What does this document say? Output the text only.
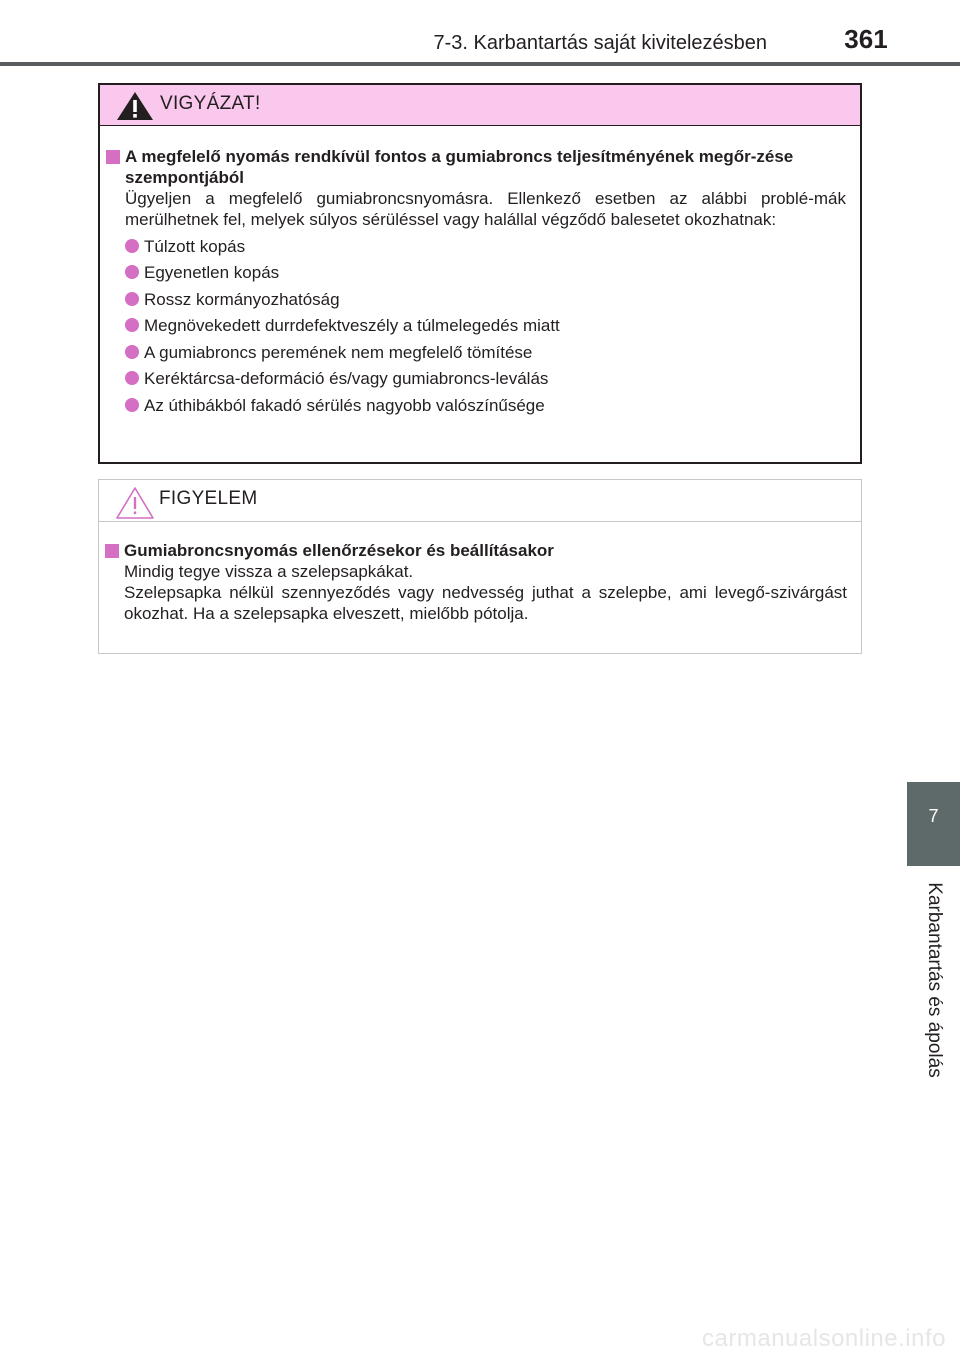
7-3. Karbantartás saját kivitelezésben	361
VIGYÁZAT!
A megfelelő nyomás rendkívül fontos a gumiabroncs teljesítményének megőr-zése szempontjából
Ügyeljen a megfelelő gumiabroncsnyomásra. Ellenkező esetben az alábbi problé-mák merülhetnek fel, melyek súlyos sérüléssel vagy halállal végződő balesetet okozhatnak:
Túlzott kopás
Egyenetlen kopás
Rossz kormányozhatóság
Megnövekedett durrdefektveszély a túlmelegedés miatt
A gumiabroncs peremének nem megfelelő tömítése
Keréktárcsa-deformáció és/vagy gumiabroncs-leválás
Az úthibákból fakadó sérülés nagyobb valószínűsége
FIGYELEM
Gumiabroncsnyomás ellenőrzésekor és beállításakor
Mindig tegye vissza a szelepsapkákat.
Szelepsapka nélkül szennyeződés vagy nedvesség juthat a szelepbe, ami levegő-szivárgást okozhat. Ha a szelepsapka elveszett, mielőbb pótolja.
7
Karbantartás és ápolás
carmanualsonline.info
